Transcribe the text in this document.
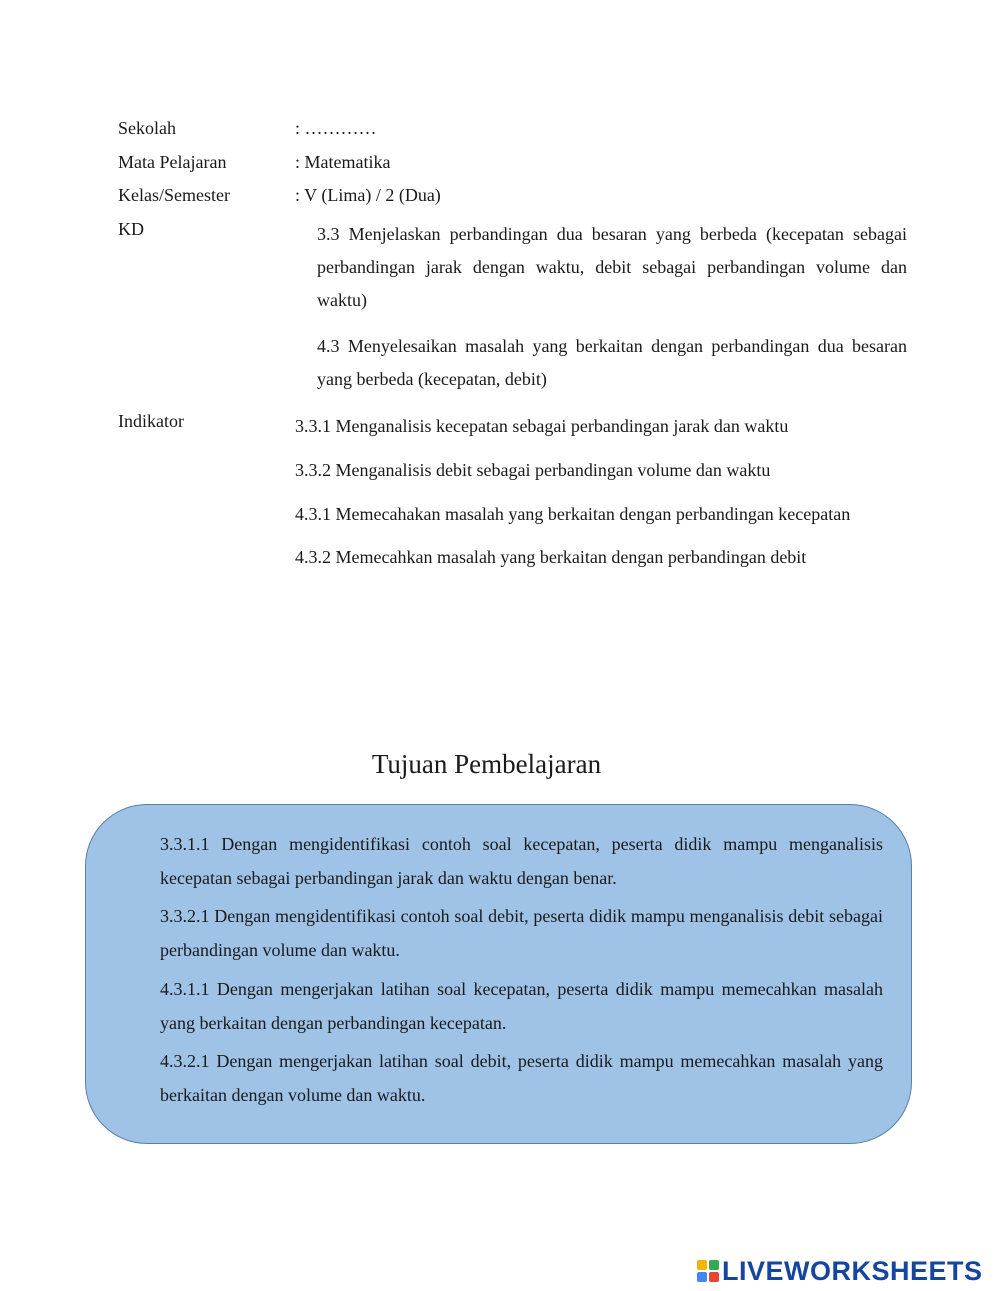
Sekolah	: …………
Mata Pelajaran	: Matematika
Kelas/Semester	: V (Lima) / 2 (Dua)
KD	3.3 Menjelaskan perbandingan dua besaran yang berbeda (kecepatan sebagai perbandingan jarak dengan waktu, debit sebagai perbandingan volume dan waktu)
4.3 Menyelesaikan masalah yang berkaitan dengan perbandingan dua besaran yang berbeda (kecepatan, debit)
Indikator	3.3.1 Menganalisis kecepatan sebagai perbandingan jarak dan waktu
3.3.2 Menganalisis debit sebagai perbandingan volume dan waktu
4.3.1 Memecahakan masalah yang berkaitan dengan perbandingan kecepatan
4.3.2 Memecahkan masalah yang berkaitan dengan perbandingan debit
Tujuan Pembelajaran
3.3.1.1 Dengan mengidentifikasi contoh soal kecepatan, peserta didik mampu menganalisis kecepatan sebagai perbandingan jarak dan waktu dengan benar.
3.3.2.1 Dengan mengidentifikasi contoh soal debit, peserta didik mampu menganalisis debit sebagai perbandingan volume dan waktu.
4.3.1.1 Dengan mengerjakan latihan soal kecepatan, peserta didik mampu memecahkan masalah yang berkaitan dengan perbandingan kecepatan.
4.3.2.1 Dengan mengerjakan latihan soal debit, peserta didik mampu memecahkan masalah yang berkaitan dengan volume dan waktu.
LIVEWORKSHEETS
